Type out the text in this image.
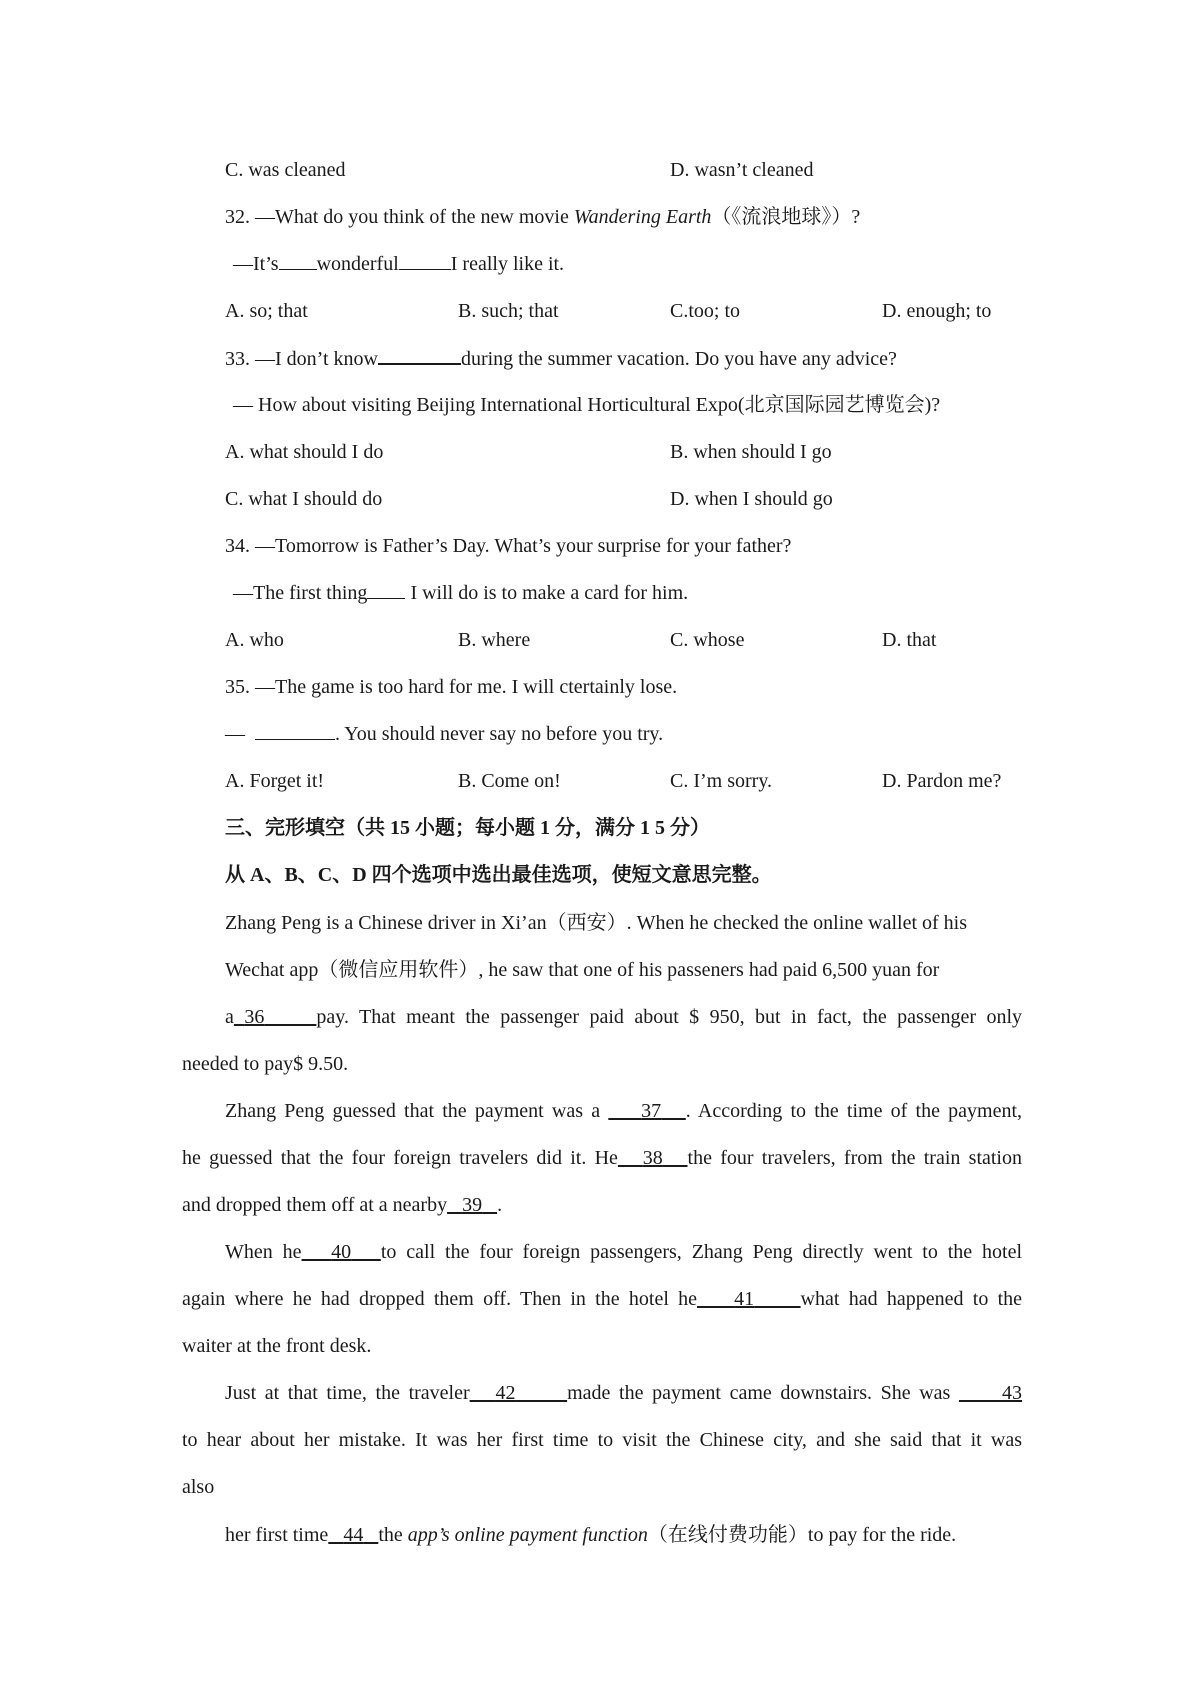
C. was cleaned	D. wasn’t cleaned
32. —What do you think of the new movie Wandering Earth（《流浪地球》）?
—It’s wonderful	I really like it.
A. so; that	B. such; that	C.too; to	D. enough; to
33. —I don’t know	during the summer vacation. Do you have any advice?
— How about visiting Beijing International Horticultural Expo(北京国际园艺博览会)?
A. what should I do	B. when should I go
C. what I should do	D. when I should go
34. —Tomorrow is Father’s Day. What’s your surprise for your father?
—The first thing I will do is to make a card for him.
A. who	B. where	C. whose	D. that
35. —The game is too hard for me. I will ctertainly lose.
—	. You should never say no before you try.
A. Forget it!	B. Come on!	C. I’m sorry.	D. Pardon me?
三、完形填空（共 15 小题；每小题 1 分，满分 1 5 分）
从 A、B、C、D 四个选项中选出最佳选项，使短文意思完整。
Zhang Peng is a Chinese driver in Xi’an（西安）. When he checked the online wallet of his
Wechat app（微信应用软件）, he saw that one of his passeners had paid 6,500 yuan for
a 36	pay. That meant the passenger paid about $ 950, but in fact, the passenger only
needed to pay$ 9.50.
Zhang Peng guessed that the payment was a     37 . According to the time of the payment,
he guessed that the four foreign travelers did it. He 38 the four travelers, from the train station
and dropped them off at a nearby 39 .
When he 40 to call the four foreign passengers, Zhang Peng directly went to the hotel
again where he had dropped them off. Then in the hotel he 41 what had happened to the
waiter at the front desk.
Just at that time, the traveler 42	made the payment came downstairs. She was      43
to hear about her mistake. It was her first time to visit the Chinese city, and she said that it was
also
her first time 44 the app’s online payment function（在线付费功能）to pay for the ride.
